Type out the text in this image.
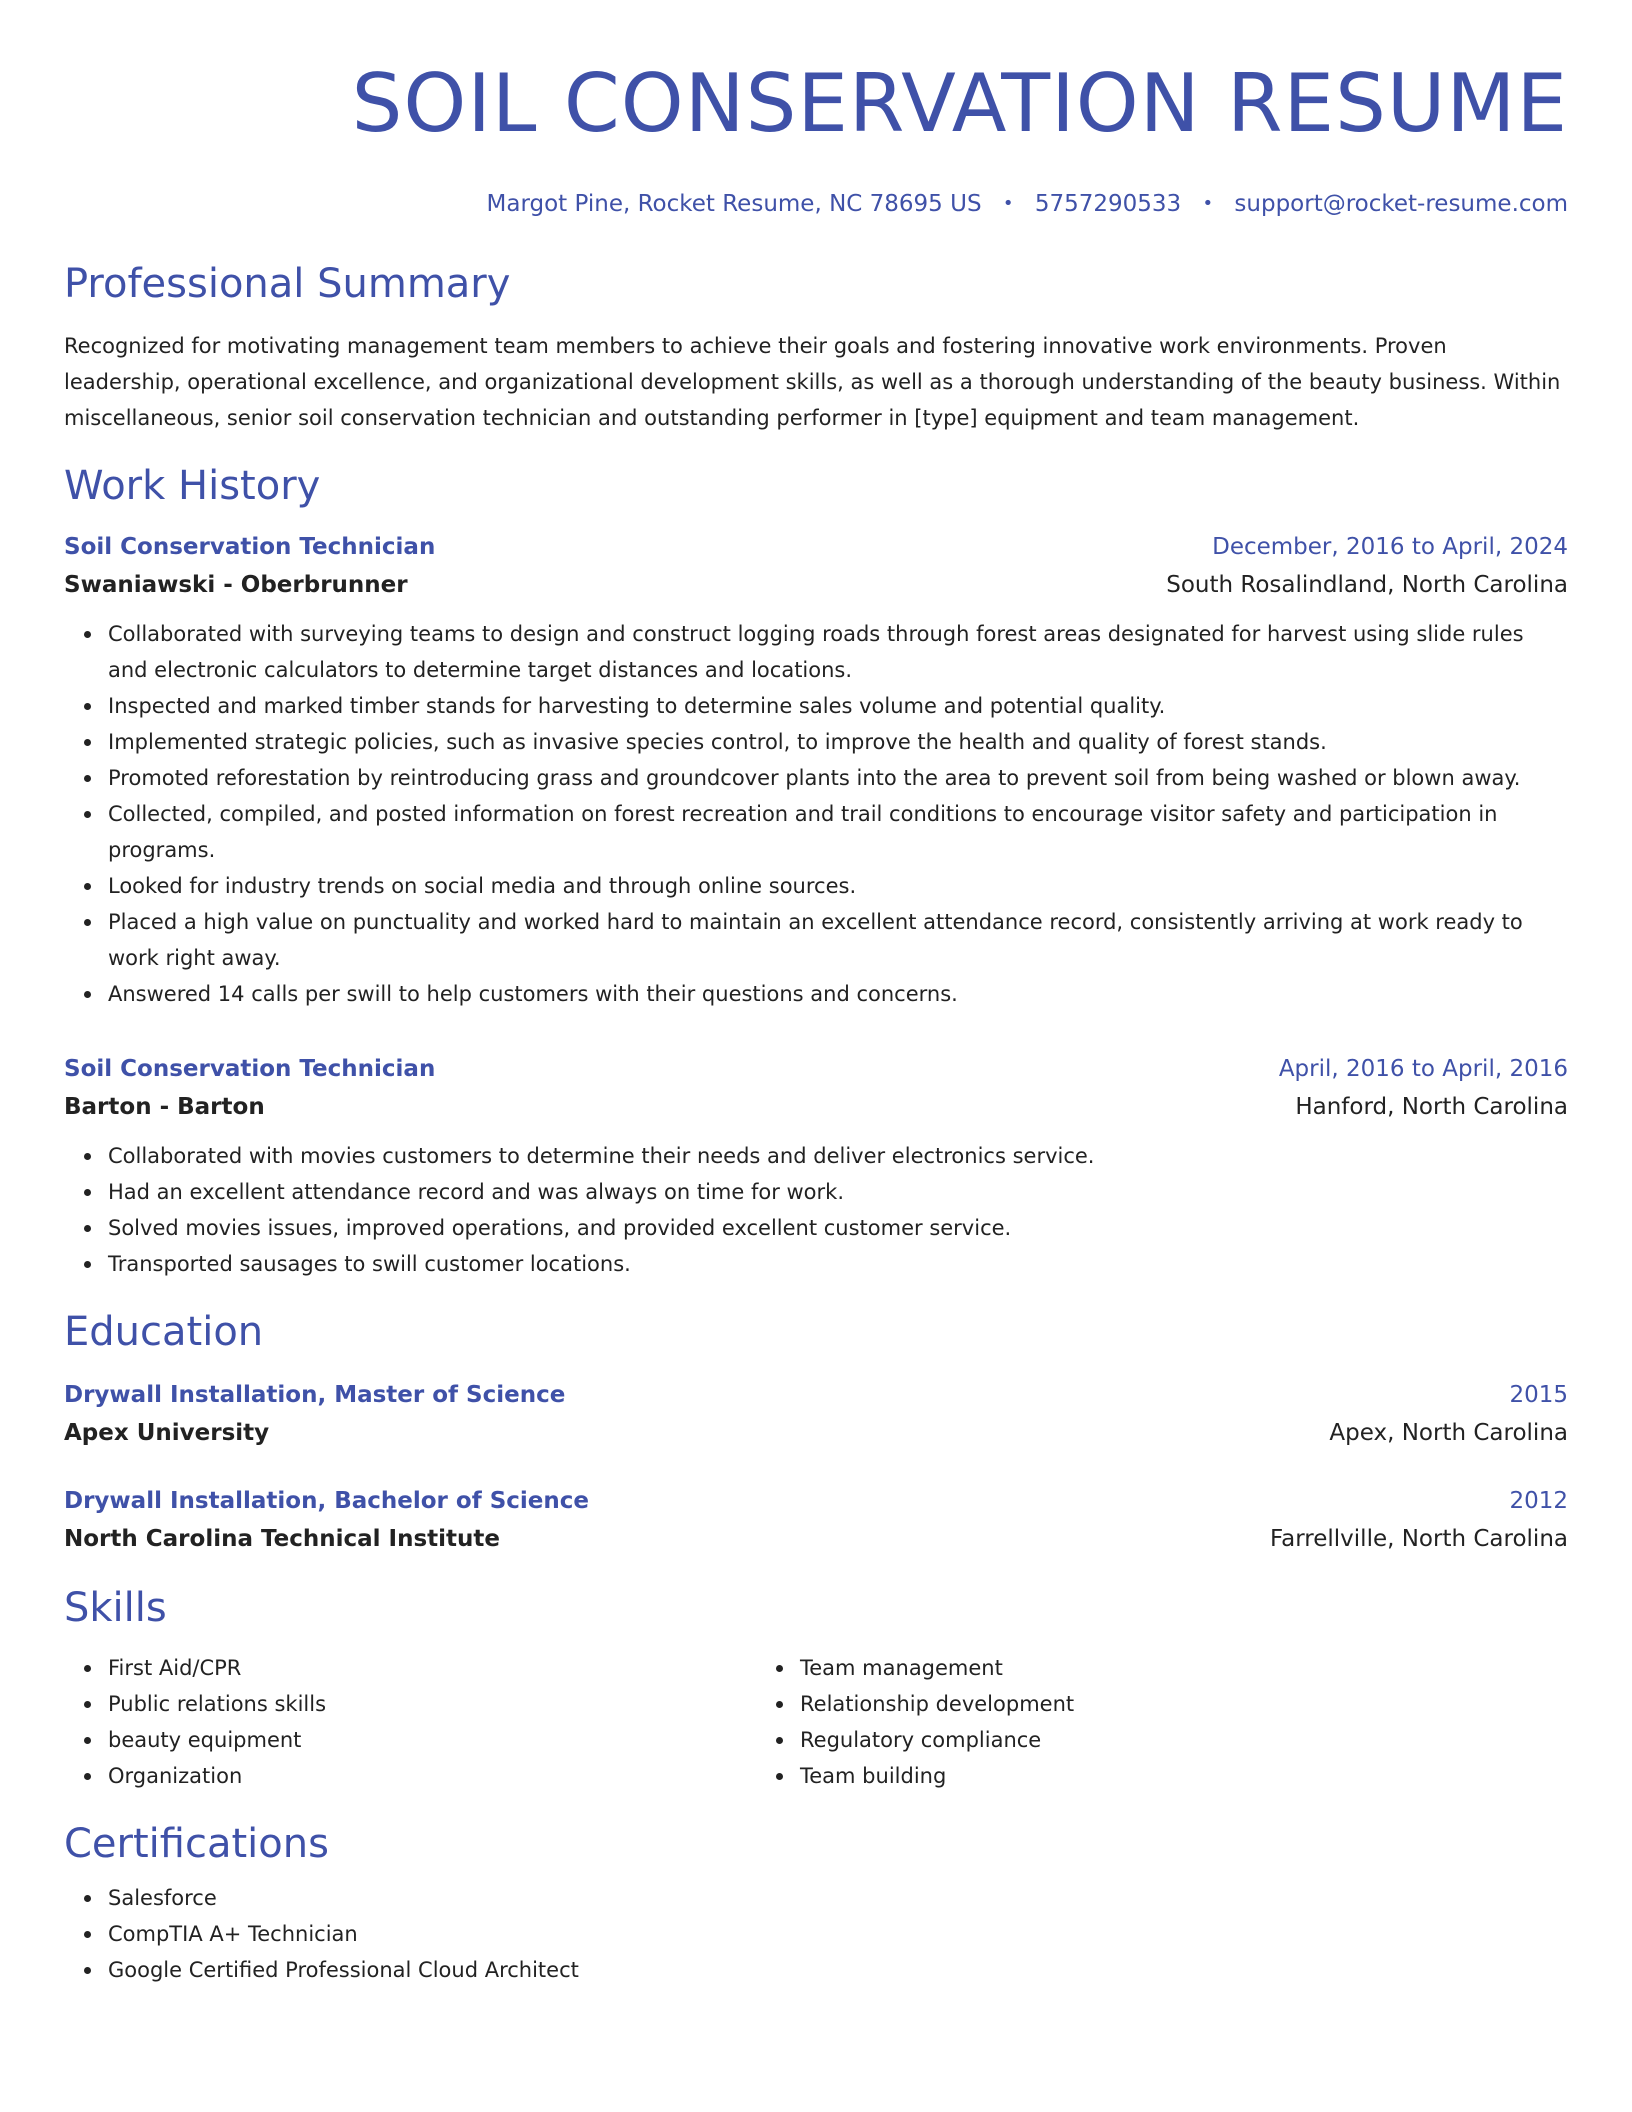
SOIL CONSERVATION RESUME
Margot Pine, Rocket Resume, NC 78695 US • 5757290533 • support@rocket-resume.com
Professional Summary
Recognized for motivating management team members to achieve their goals and fostering innovative work environments. Proven leadership, operational excellence, and organizational development skills, as well as a thorough understanding of the beauty business. Within miscellaneous, senior soil conservation technician and outstanding performer in [type] equipment and team management.
Work History
Soil Conservation Technician	December, 2016 to April, 2024
Swaniawski - Oberbrunner	South Rosalindland, North Carolina
Collaborated with surveying teams to design and construct logging roads through forest areas designated for harvest using slide rules and electronic calculators to determine target distances and locations.
Inspected and marked timber stands for harvesting to determine sales volume and potential quality.
Implemented strategic policies, such as invasive species control, to improve the health and quality of forest stands.
Promoted reforestation by reintroducing grass and groundcover plants into the area to prevent soil from being washed or blown away.
Collected, compiled, and posted information on forest recreation and trail conditions to encourage visitor safety and participation in programs.
Looked for industry trends on social media and through online sources.
Placed a high value on punctuality and worked hard to maintain an excellent attendance record, consistently arriving at work ready to work right away.
Answered 14 calls per swill to help customers with their questions and concerns.
Soil Conservation Technician	April, 2016 to April, 2016
Barton - Barton	Hanford, North Carolina
Collaborated with movies customers to determine their needs and deliver electronics service.
Had an excellent attendance record and was always on time for work.
Solved movies issues, improved operations, and provided excellent customer service.
Transported sausages to swill customer locations.
Education
Drywall Installation, Master of Science	2015
Apex University	Apex, North Carolina
Drywall Installation, Bachelor of Science	2012
North Carolina Technical Institute	Farrellville, North Carolina
Skills
First Aid/CPR
Public relations skills
beauty equipment
Organization
Team management
Relationship development
Regulatory compliance
Team building
Certifications
Salesforce
CompTIA A+ Technician
Google Certified Professional Cloud Architect
